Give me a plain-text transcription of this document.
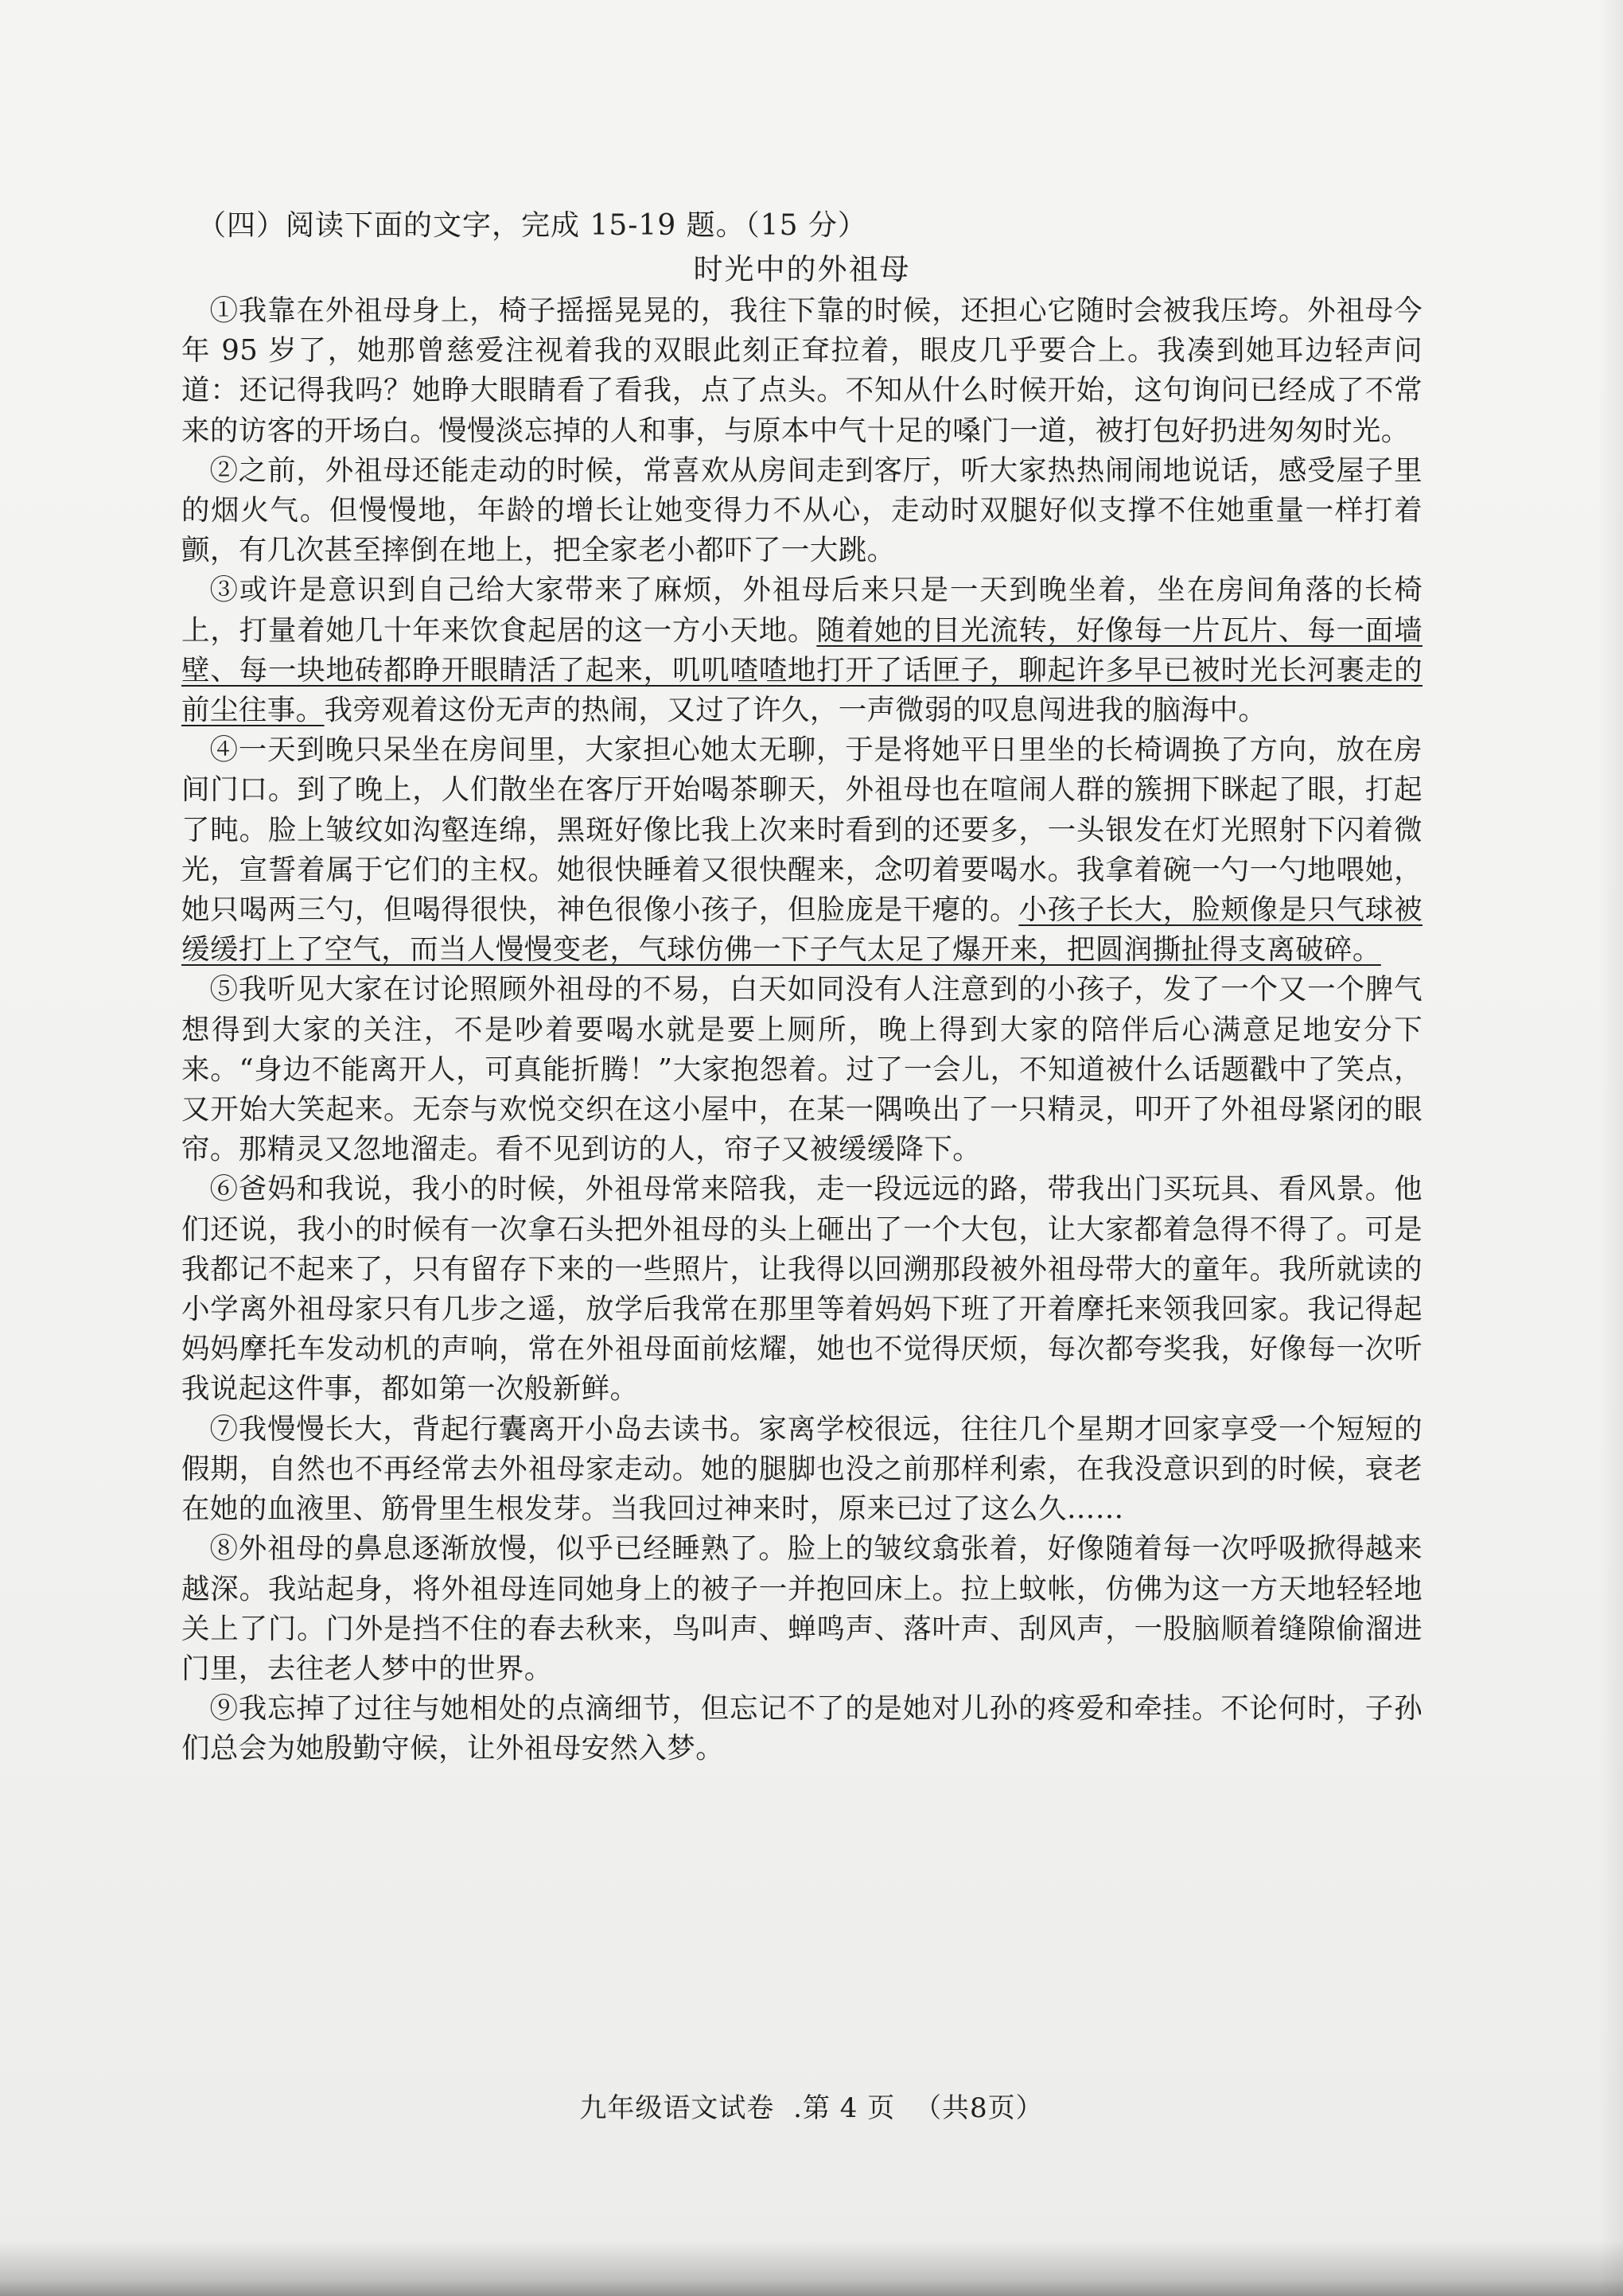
（四）阅读下面的文字，完成 15-19 题。（15 分）

时光中的外祖母

①我靠在外祖母身上，椅子摇摇晃晃的，我往下靠的时候，还担心它随时会被我压垮。外祖母今年 95 岁了，她那曾慈爱注视着我的双眼此刻正耷拉着，眼皮几乎要合上。我凑到她耳边轻声问道：还记得我吗？她睁大眼睛看了看我，点了点头。不知从什么时候开始，这句询问已经成了不常来的访客的开场白。慢慢淡忘掉的人和事，与原本中气十足的嗓门一道，被打包好扔进匆匆时光。

②之前，外祖母还能走动的时候，常喜欢从房间走到客厅，听大家热热闹闹地说话，感受屋子里的烟火气。但慢慢地，年龄的增长让她变得力不从心，走动时双腿好似支撑不住她重量一样打着颤，有几次甚至摔倒在地上，把全家老小都吓了一大跳。

③或许是意识到自己给大家带来了麻烦，外祖母后来只是一天到晚坐着，坐在房间角落的长椅上，打量着她几十年来饮食起居的这一方小天地。随着她的目光流转，好像每一片瓦片、每一面墙壁、每一块地砖都睁开眼睛活了起来，叽叽喳喳地打开了话匣子，聊起许多早已被时光长河裹走的前尘往事。我旁观着这份无声的热闹，又过了许久，一声微弱的叹息闯进我的脑海中。

④一天到晚只呆坐在房间里，大家担心她太无聊，于是将她平日里坐的长椅调换了方向，放在房间门口。到了晚上，人们散坐在客厅开始喝茶聊天，外祖母也在喧闹人群的簇拥下眯起了眼，打起了盹。脸上皱纹如沟壑连绵，黑斑好像比我上次来时看到的还要多，一头银发在灯光照射下闪着微光，宣誓着属于它们的主权。她很快睡着又很快醒来，念叨着要喝水。我拿着碗一勺一勺地喂她，她只喝两三勺，但喝得很快，神色很像小孩子，但脸庞是干瘪的。小孩子长大，脸颊像是只气球被缓缓打上了空气，而当人慢慢变老，气球仿佛一下子气太足了爆开来，把圆润撕扯得支离破碎。

⑤我听见大家在讨论照顾外祖母的不易，白天如同没有人注意到的小孩子，发了一个又一个脾气想得到大家的关注，不是吵着要喝水就是要上厕所，晚上得到大家的陪伴后心满意足地安分下来。“身边不能离开人，可真能折腾！”大家抱怨着。过了一会儿，不知道被什么话题戳中了笑点，又开始大笑起来。无奈与欢悦交织在这小屋中，在某一隅唤出了一只精灵，叩开了外祖母紧闭的眼帘。那精灵又忽地溜走。看不见到访的人，帘子又被缓缓降下。

⑥爸妈和我说，我小的时候，外祖母常来陪我，走一段远远的路，带我出门买玩具、看风景。他们还说，我小的时候有一次拿石头把外祖母的头上砸出了一个大包，让大家都着急得不得了。可是我都记不起来了，只有留存下来的一些照片，让我得以回溯那段被外祖母带大的童年。我所就读的小学离外祖母家只有几步之遥，放学后我常在那里等着妈妈下班了开着摩托来领我回家。我记得起妈妈摩托车发动机的声响，常在外祖母面前炫耀，她也不觉得厌烦，每次都夸奖我，好像每一次听我说起这件事，都如第一次般新鲜。

⑦我慢慢长大，背起行囊离开小岛去读书。家离学校很远，往往几个星期才回家享受一个短短的假期，自然也不再经常去外祖母家走动。她的腿脚也没之前那样利索，在我没意识到的时候，衰老在她的血液里、筋骨里生根发芽。当我回过神来时，原来已过了这么久……

⑧外祖母的鼻息逐渐放慢，似乎已经睡熟了。脸上的皱纹翕张着，好像随着每一次呼吸掀得越来越深。我站起身，将外祖母连同她身上的被子一并抱回床上。拉上蚊帐，仿佛为这一方天地轻轻地关上了门。门外是挡不住的春去秋来，鸟叫声、蝉鸣声、落叶声、刮风声，一股脑顺着缝隙偷溜进门里，去往老人梦中的世界。

⑨我忘掉了过往与她相处的点滴细节，但忘记不了的是她对儿孙的疼爱和牵挂。不论何时，子孙们总会为她殷勤守候，让外祖母安然入梦。

九年级语文试卷 .第 4 页 （共8页）
